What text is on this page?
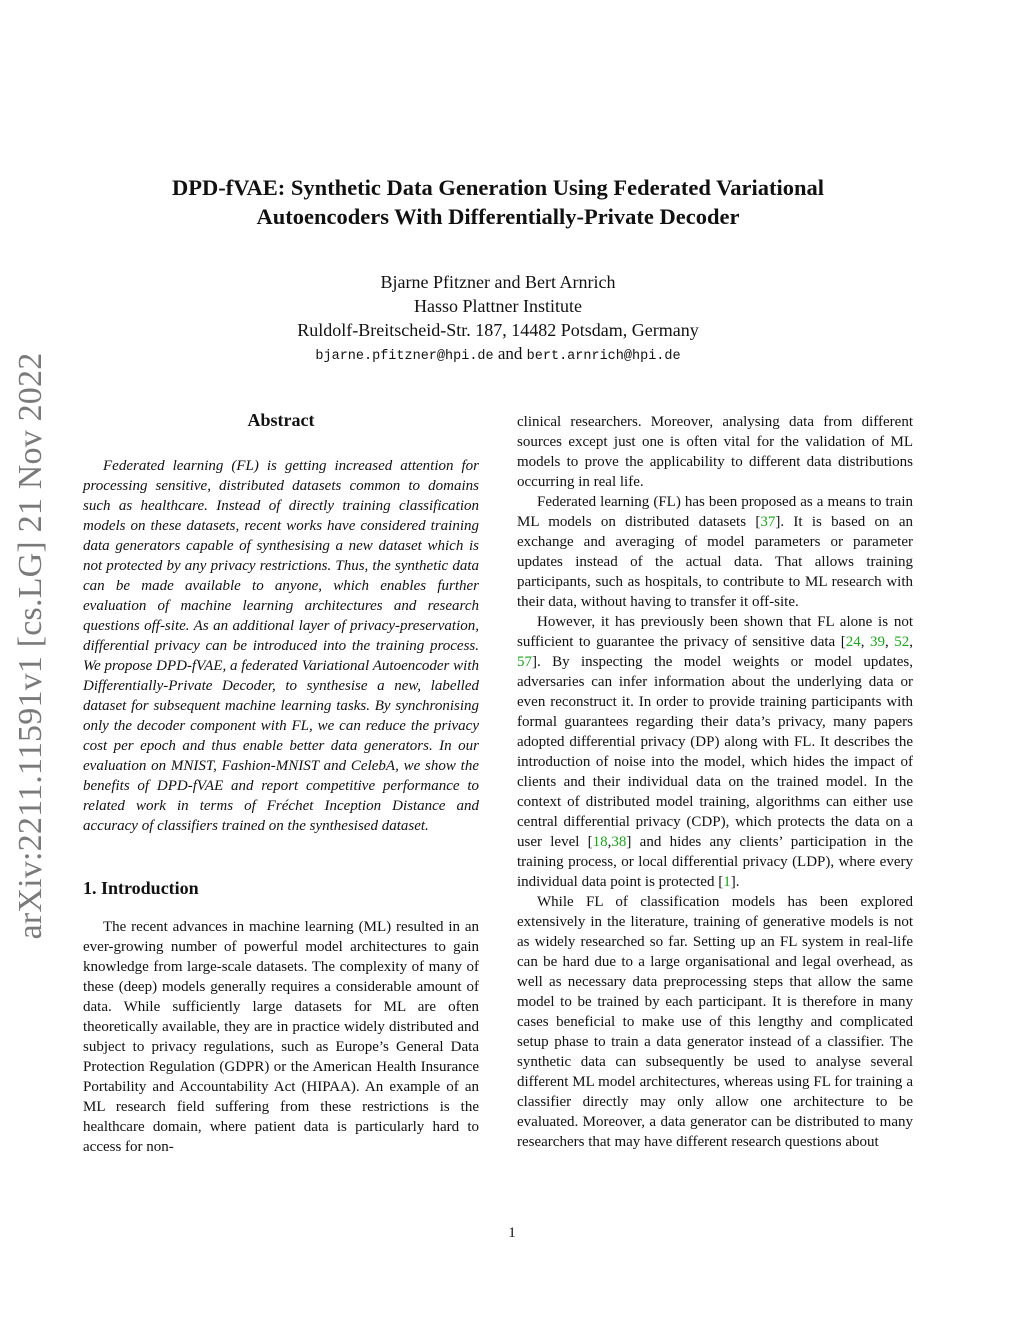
arXiv:2211.11591v1 [cs.LG] 21 Nov 2022
DPD-fVAE: Synthetic Data Generation Using Federated Variational
Autoencoders With Differentially-Private Decoder
Bjarne Pfitzner and Bert Arnrich
Hasso Plattner Institute
Ruldolf-Breitscheid-Str. 187, 14482 Potsdam, Germany
bjarne.pfitzner@hpi.de and bert.arnrich@hpi.de
Abstract

Federated learning (FL) is getting increased attention for processing sensitive, distributed datasets common to domains such as healthcare. Instead of directly training classification models on these datasets, recent works have considered training data generators capable of synthesising a new dataset which is not protected by any privacy restrictions. Thus, the synthetic data can be made available to anyone, which enables further evaluation of machine learning architectures and research questions off-site. As an additional layer of privacy-preservation, differential privacy can be introduced into the training process. We propose DPD-fVAE, a federated Variational Autoencoder with Differentially-Private Decoder, to synthesise a new, labelled dataset for subsequent machine learning tasks. By synchronising only the decoder component with FL, we can reduce the privacy cost per epoch and thus enable better data generators. In our evaluation on MNIST, Fashion-MNIST and CelebA, we show the benefits of DPD-fVAE and report competitive performance to related work in terms of Fréchet Inception Distance and accuracy of classifiers trained on the synthesised dataset.

1. Introduction

The recent advances in machine learning (ML) resulted in an ever-growing number of powerful model architectures to gain knowledge from large-scale datasets. The complexity of many of these (deep) models generally requires a considerable amount of data. While sufficiently large datasets for ML are often theoretically available, they are in practice widely distributed and subject to privacy regulations, such as Europe’s General Data Protection Regulation (GDPR) or the American Health Insurance Portability and Accountability Act (HIPAA). An example of an ML research field suffering from these restrictions is the healthcare domain, where patient data is particularly hard to access for non-

clinical researchers. Moreover, analysing data from different sources except just one is often vital for the validation of ML models to prove the applicability to different data distributions occurring in real life.

Federated learning (FL) has been proposed as a means to train ML models on distributed datasets [37]. It is based on an exchange and averaging of model parameters or parameter updates instead of the actual data. That allows training participants, such as hospitals, to contribute to ML research with their data, without having to transfer it off-site.

However, it has previously been shown that FL alone is not sufficient to guarantee the privacy of sensitive data [24, 39, 52, 57]. By inspecting the model weights or model updates, adversaries can infer information about the underlying data or even reconstruct it. In order to provide training participants with formal guarantees regarding their data’s privacy, many papers adopted differential privacy (DP) along with FL. It describes the introduction of noise into the model, which hides the impact of clients and their individual data on the trained model. In the context of distributed model training, algorithms can either use central differential privacy (CDP), which protects the data on a user level [18,38] and hides any clients’ participation in the training process, or local differential privacy (LDP), where every individual data point is protected [1].

While FL of classification models has been explored extensively in the literature, training of generative models is not as widely researched so far. Setting up an FL system in real-life can be hard due to a large organisational and legal overhead, as well as necessary data preprocessing steps that allow the same model to be trained by each participant. It is therefore in many cases beneficial to make use of this lengthy and complicated setup phase to train a data generator instead of a classifier. The synthetic data can subsequently be used to analyse several different ML model architectures, whereas using FL for training a classifier directly may only allow one architecture to be evaluated. Moreover, a data generator can be distributed to many researchers that may have different research questions about

1
